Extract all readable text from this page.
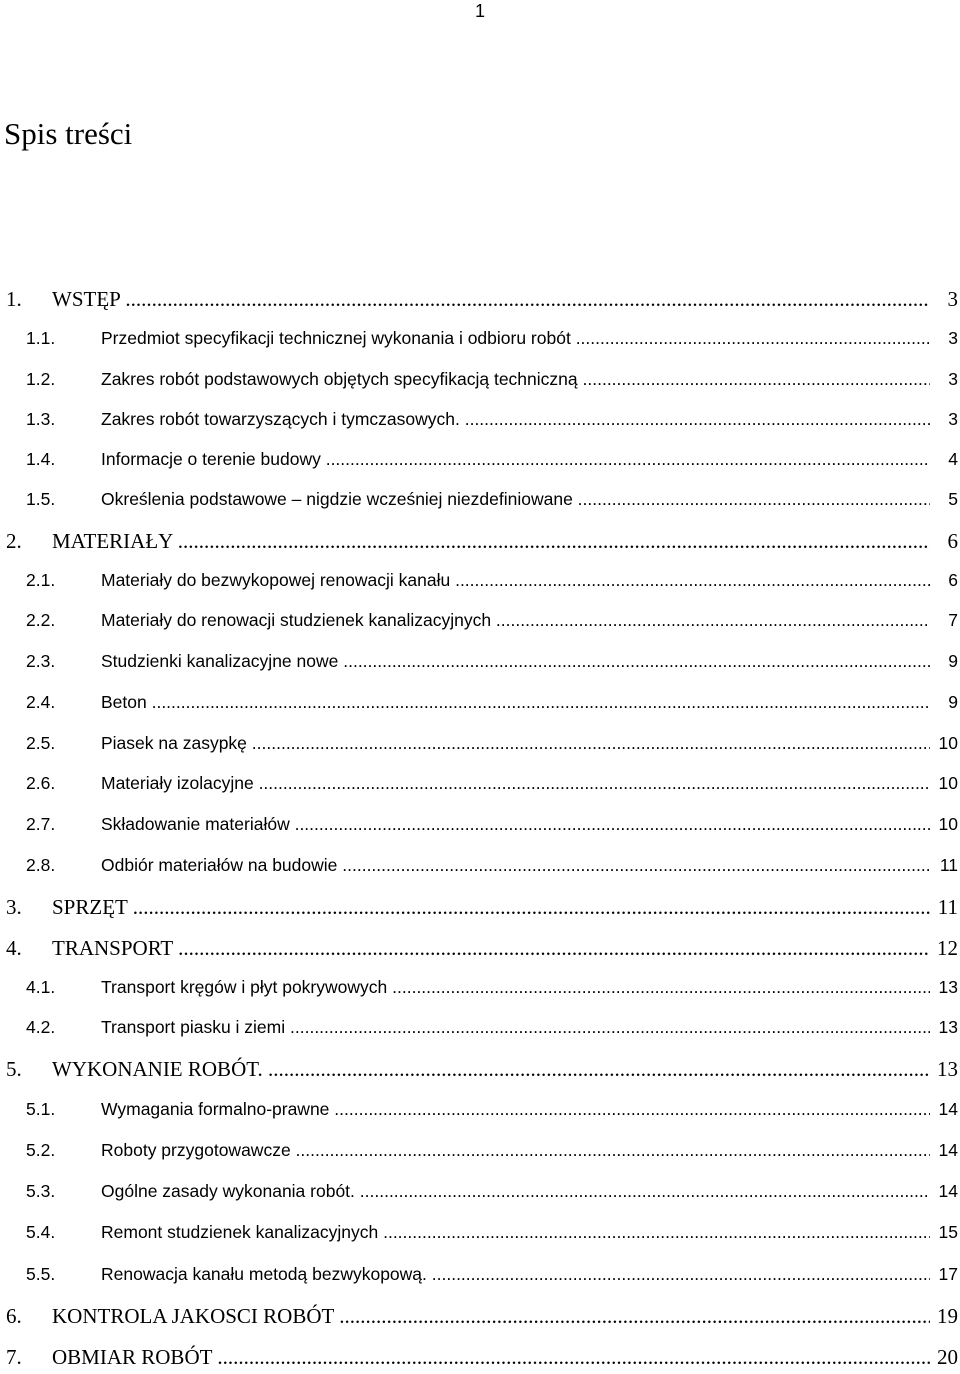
1
Spis treści
1. WSTĘP .....	3
1.1.	Przedmiot specyfikacji technicznej wykonania i odbioru robót .....	3
1.2.	Zakres robót podstawowych objętych specyfikacją techniczną .....	3
1.3.	Zakres robót towarzyszących i tymczasowych. .....	3
1.4.	Informacje o terenie budowy .....	4
1.5.	Określenia podstawowe – nigdzie wcześniej niezdefiniowane .....	5
2. MATERIAŁY .....	6
2.1.	Materiały do bezwykopowej renowacji kanału .....	6
2.2.	Materiały do renowacji studzienek kanalizacyjnych .....	7
2.3.	Studzienki kanalizacyjne nowe .....	9
2.4.	Beton .....	9
2.5.	Piasek na zasypkę .....	10
2.6.	Materiały izolacyjne .....	10
2.7.	Składowanie materiałów .....	10
2.8.	Odbiór materiałów na budowie .....	11
3. SPRZĘT .....	11
4. TRANSPORT .....	12
4.1.	Transport kręgów i płyt pokrywowych .....	13
4.2.	Transport piasku i ziemi .....	13
5. WYKONANIE ROBÓT. .....	13
5.1.	Wymagania formalno-prawne .....	14
5.2.	Roboty przygotowawcze .....	14
5.3.	Ogólne zasady wykonania robót. .....	14
5.4.	Remont studzienek kanalizacyjnych .....	15
5.5.	Renowacja kanału metodą bezwykopową. .....	17
6. KONTROLA JAKOSCI ROBÓT .....	19
7. OBMIAR ROBÓT .....	20
